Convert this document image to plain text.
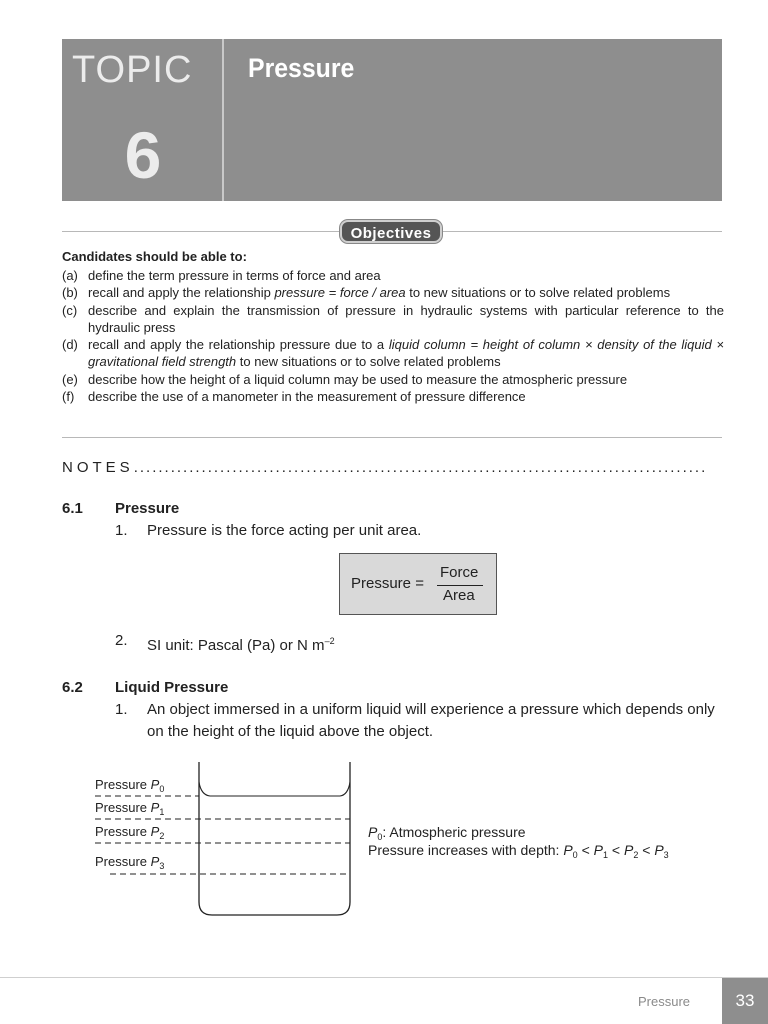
TOPIC
6
Pressure
Objectives
Candidates should be able to:
(a) define the term pressure in terms of force and area
(b) recall and apply the relationship pressure = force / area to new situations or to solve related problems
(c) describe and explain the transmission of pressure in hydraulic systems with particular reference to the hydraulic press
(d) recall and apply the relationship pressure due to a liquid column = height of column × density of the liquid × gravitational field strength to new situations or to solve related problems
(e) describe how the height of a liquid column may be used to measure the atmospheric pressure
(f)	describe the use of a manometer in the measurement of pressure difference
NOTES.............................................................................................
6.1 Pressure
1.	Pressure is the force acting per unit area.
Pressure =
Force
Area
2.	SI unit: Pascal (Pa) or N $m^{-2}$
6.2 Liquid Pressure
1.	An object immersed in a uniform liquid will experience a pressure which depends only on the height of the liquid above the object.
Pressure $P_0$
Pressure $P_1$
Pressure $P_2$
Pressure $P_3$
$P_0$: Atmospheric pressure
Pressure increases with depth: $P_0 < P_1 < P_2 < P_3$
Pressure	33
